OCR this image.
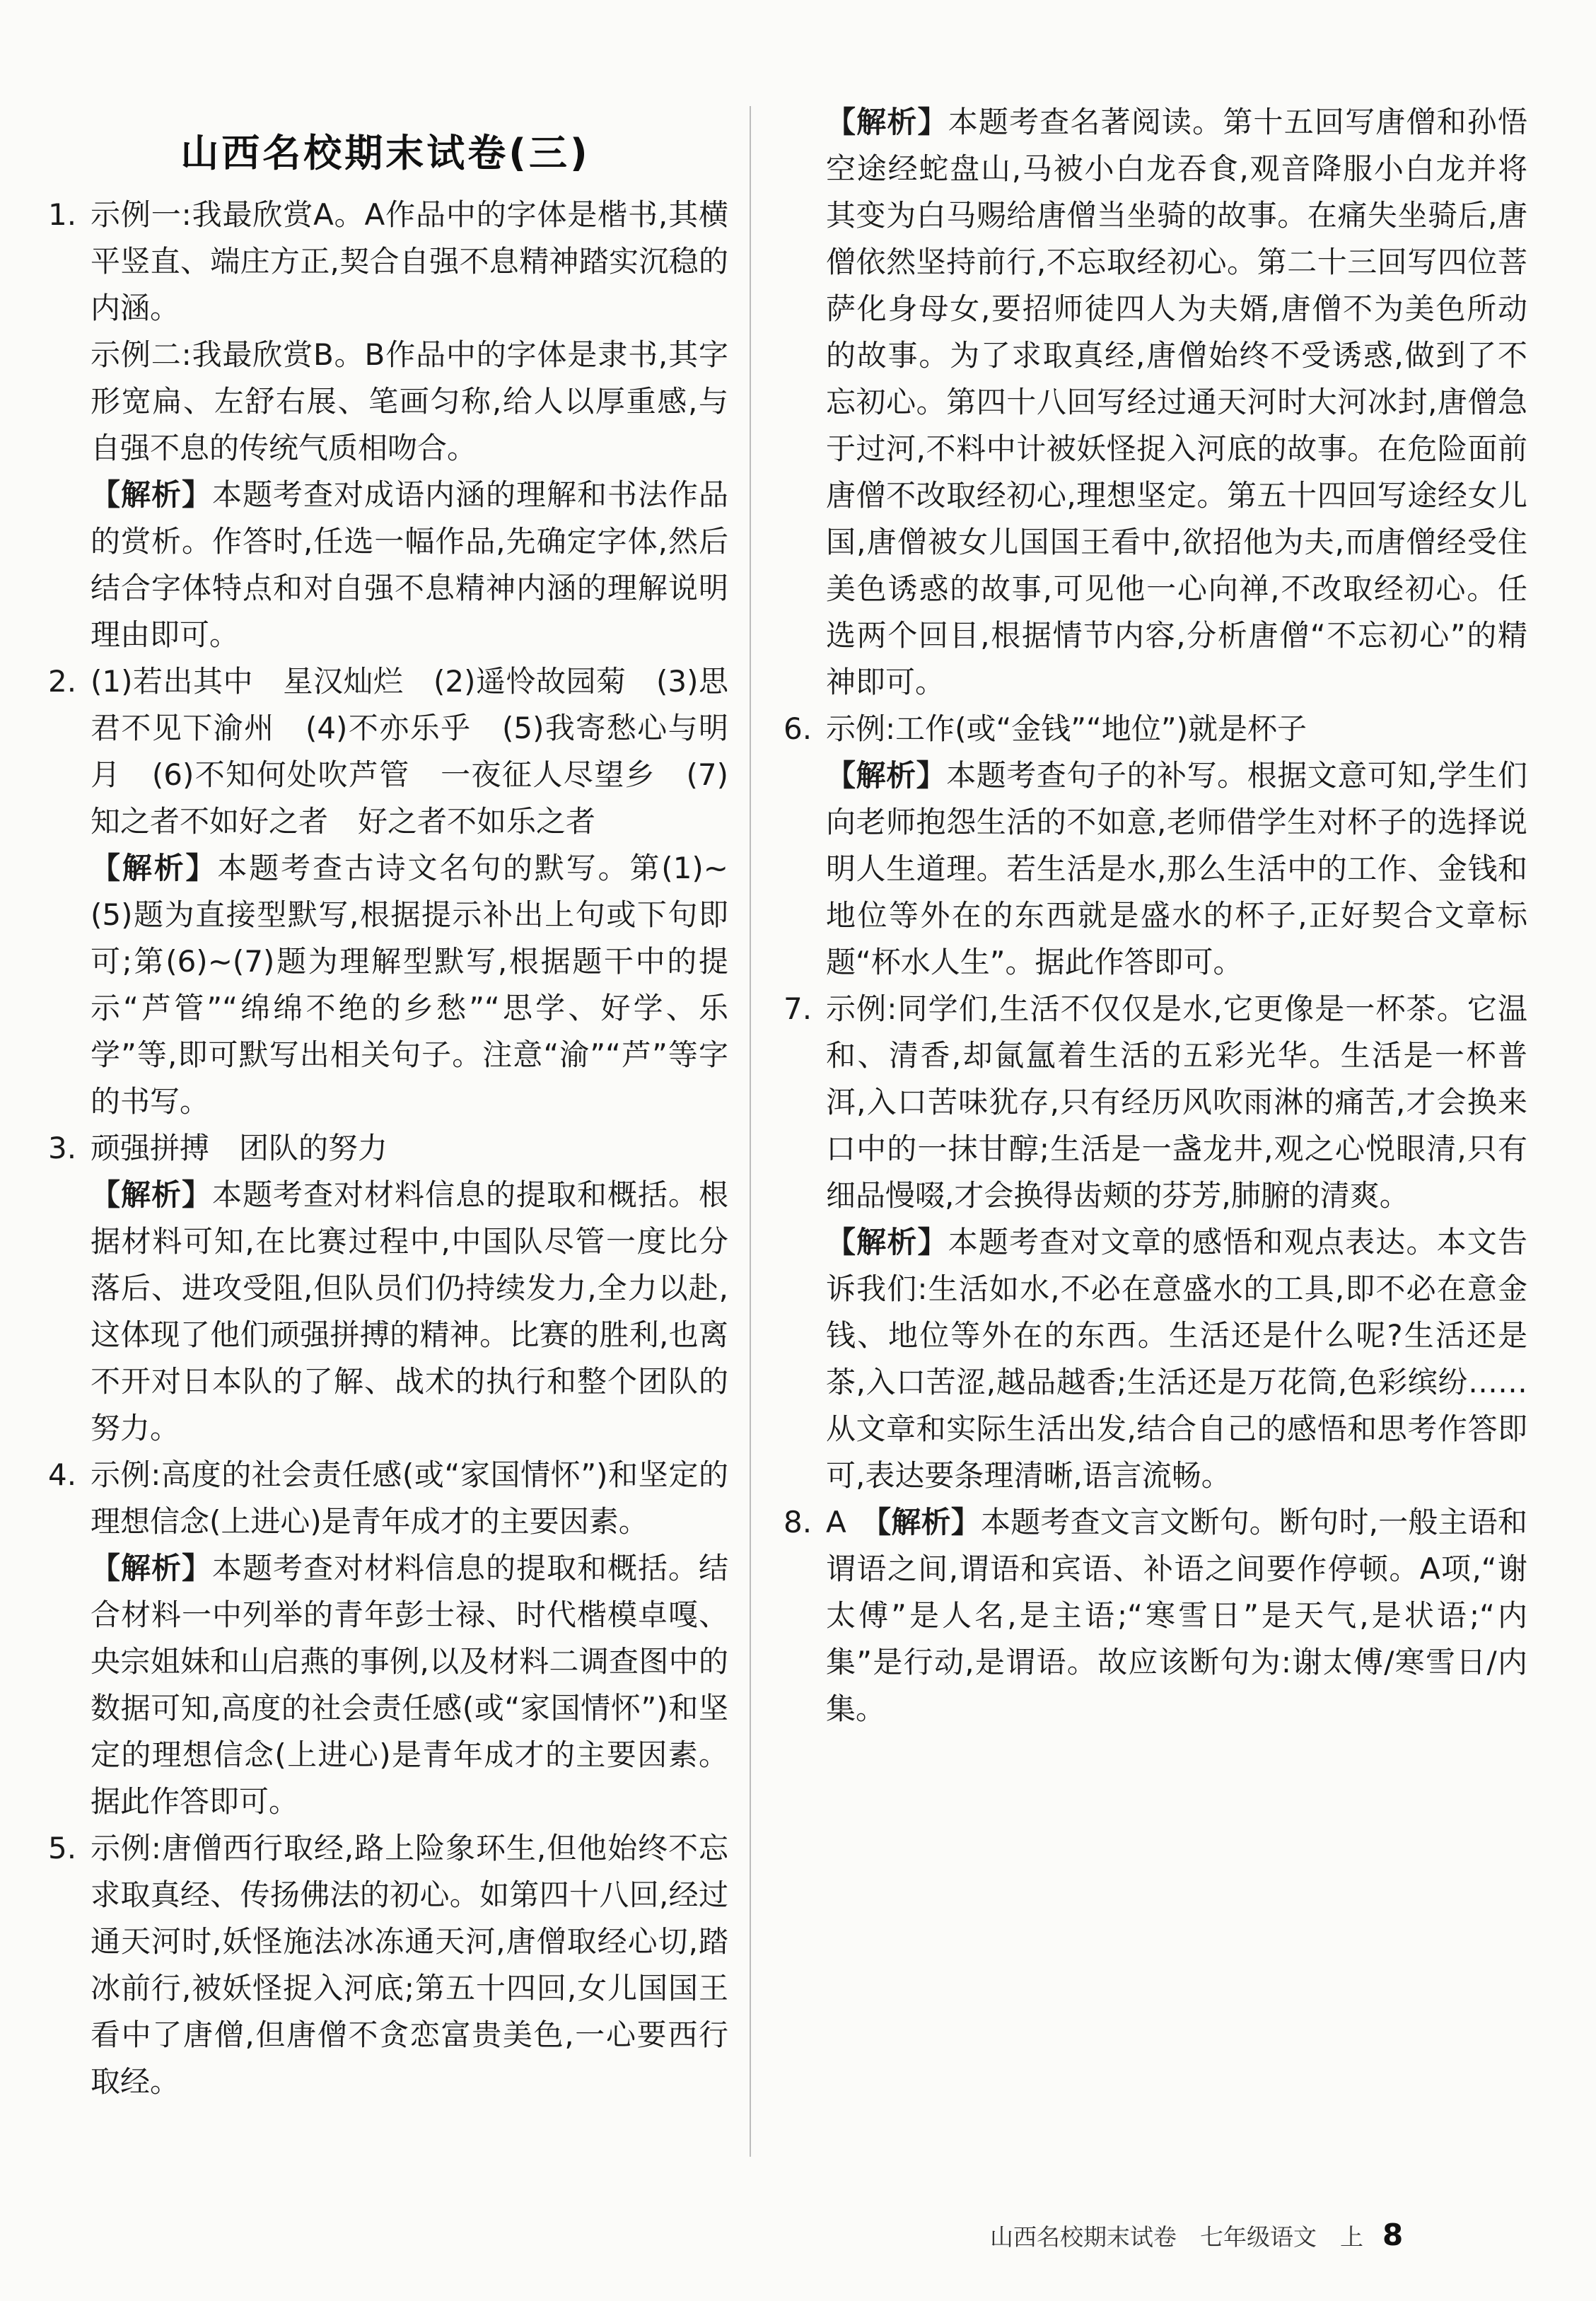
山西名校期末试卷(三)
1. 示例一:我最欣赏A。A作品中的字体是楷书,其横平竖直、端庄方正,契合自强不息精神踏实沉稳的内涵。

示例二:我最欣赏B。B作品中的字体是隶书,其字形宽扁、左舒右展、笔画匀称,给人以厚重感,与自强不息的传统气质相吻合。

【解析】本题考查对成语内涵的理解和书法作品的赏析。作答时,任选一幅作品,先确定字体,然后结合字体特点和对自强不息精神内涵的理解说明理由即可。

2. (1)若出其中　星汉灿烂　(2)遥怜故园菊　(3)思君不见下渝州　(4)不亦乐乎　(5)我寄愁心与明月　(6)不知何处吹芦管　一夜征人尽望乡　(7)知之者不如好之者　好之者不如乐之者

【解析】本题考查古诗文名句的默写。第(1)~(5)题为直接型默写,根据提示补出上句或下句即可;第(6)~(7)题为理解型默写,根据题干中的提示“芦管”“绵绵不绝的乡愁”“思学、好学、乐学”等,即可默写出相关句子。注意“渝”“芦”等字的书写。

3. 顽强拼搏　团队的努力

【解析】本题考查对材料信息的提取和概括。根据材料可知,在比赛过程中,中国队尽管一度比分落后、进攻受阻,但队员们仍持续发力,全力以赴,这体现了他们顽强拼搏的精神。比赛的胜利,也离不开对日本队的了解、战术的执行和整个团队的努力。

4. 示例:高度的社会责任感(或“家国情怀”)和坚定的理想信念(上进心)是青年成才的主要因素。

【解析】本题考查对材料信息的提取和概括。结合材料一中列举的青年彭士禄、时代楷模卓嘎、央宗姐妹和山启燕的事例,以及材料二调查图中的数据可知,高度的社会责任感(或“家国情怀”)和坚定的理想信念(上进心)是青年成才的主要因素。据此作答即可。

5. 示例:唐僧西行取经,路上险象环生,但他始终不忘求取真经、传扬佛法的初心。如第四十八回,经过通天河时,妖怪施法冰冻通天河,唐僧取经心切,踏冰前行,被妖怪捉入河底;第五十四回,女儿国国王看中了唐僧,但唐僧不贪恋富贵美色,一心要西行取经。

【解析】本题考查名著阅读。第十五回写唐僧和孙悟空途经蛇盘山,马被小白龙吞食,观音降服小白龙并将其变为白马赐给唐僧当坐骑的故事。在痛失坐骑后,唐僧依然坚持前行,不忘取经初心。第二十三回写四位菩萨化身母女,要招师徒四人为夫婿,唐僧不为美色所动的故事。为了求取真经,唐僧始终不受诱惑,做到了不忘初心。第四十八回写经过通天河时大河冰封,唐僧急于过河,不料中计被妖怪捉入河底的故事。在危险面前唐僧不改取经初心,理想坚定。第五十四回写途经女儿国,唐僧被女儿国国王看中,欲招他为夫,而唐僧经受住美色诱惑的故事,可见他一心向禅,不改取经初心。任选两个回目,根据情节内容,分析唐僧“不忘初心”的精神即可。

6. 示例:工作(或“金钱”“地位”)就是杯子

【解析】本题考查句子的补写。根据文意可知,学生们向老师抱怨生活的不如意,老师借学生对杯子的选择说明人生道理。若生活是水,那么生活中的工作、金钱和地位等外在的东西就是盛水的杯子,正好契合文章标题“杯水人生”。据此作答即可。

7. 示例:同学们,生活不仅仅是水,它更像是一杯茶。它温和、清香,却氤氲着生活的五彩光华。生活是一杯普洱,入口苦味犹存,只有经历风吹雨淋的痛苦,才会换来口中的一抹甘醇;生活是一盏龙井,观之心悦眼清,只有细品慢啜,才会换得齿颊的芬芳,肺腑的清爽。

【解析】本题考查对文章的感悟和观点表达。本文告诉我们:生活如水,不必在意盛水的工具,即不必在意金钱、地位等外在的东西。生活还是什么呢?生活还是茶,入口苦涩,越品越香;生活还是万花筒,色彩缤纷……从文章和实际生活出发,结合自己的感悟和思考作答即可,表达要条理清晰,语言流畅。

8. A　【解析】本题考查文言文断句。断句时,一般主语和谓语之间,谓语和宾语、补语之间要作停顿。A项,“谢太傅”是人名,是主语;“寒雪日”是天气,是状语;“内集”是行动,是谓语。故应该断句为:谢太傅/寒雪日/内集。

山西名校期末试卷　七年级语文　上 8
